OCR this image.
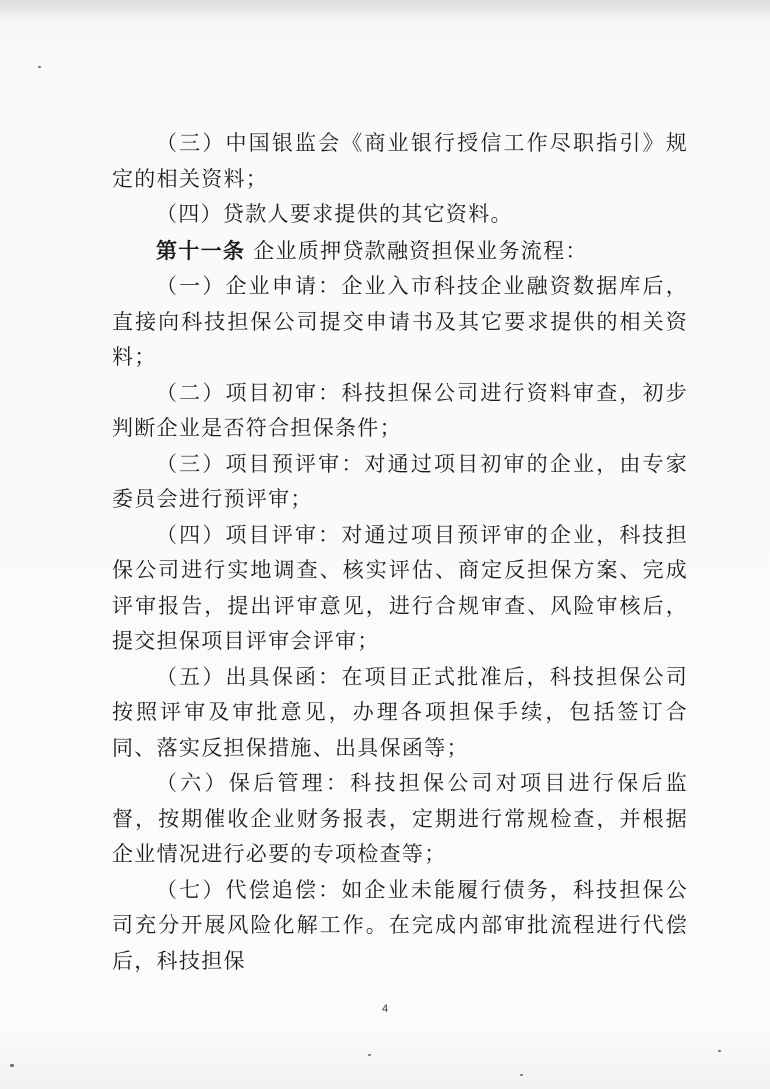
（三）中国银监会《商业银行授信工作尽职指引》规定的相关资料；

（四）贷款人要求提供的其它资料。

第十一条 企业质押贷款融资担保业务流程：

（一）企业申请：企业入市科技企业融资数据库后，直接向科技担保公司提交申请书及其它要求提供的相关资料；

（二）项目初审：科技担保公司进行资料审查，初步判断企业是否符合担保条件；

（三）项目预评审：对通过项目初审的企业，由专家委员会进行预评审；

（四）项目评审：对通过项目预评审的企业，科技担保公司进行实地调查、核实评估、商定反担保方案、完成评审报告，提出评审意见，进行合规审查、风险审核后，提交担保项目评审会评审；

（五）出具保函：在项目正式批准后，科技担保公司按照评审及审批意见，办理各项担保手续，包括签订合同、落实反担保措施、出具保函等；

（六）保后管理：科技担保公司对项目进行保后监督，按期催收企业财务报表，定期进行常规检查，并根据企业情况进行必要的专项检查等；

（七）代偿追偿：如企业未能履行债务，科技担保公司充分开展风险化解工作。在完成内部审批流程进行代偿后，科技担保

4
